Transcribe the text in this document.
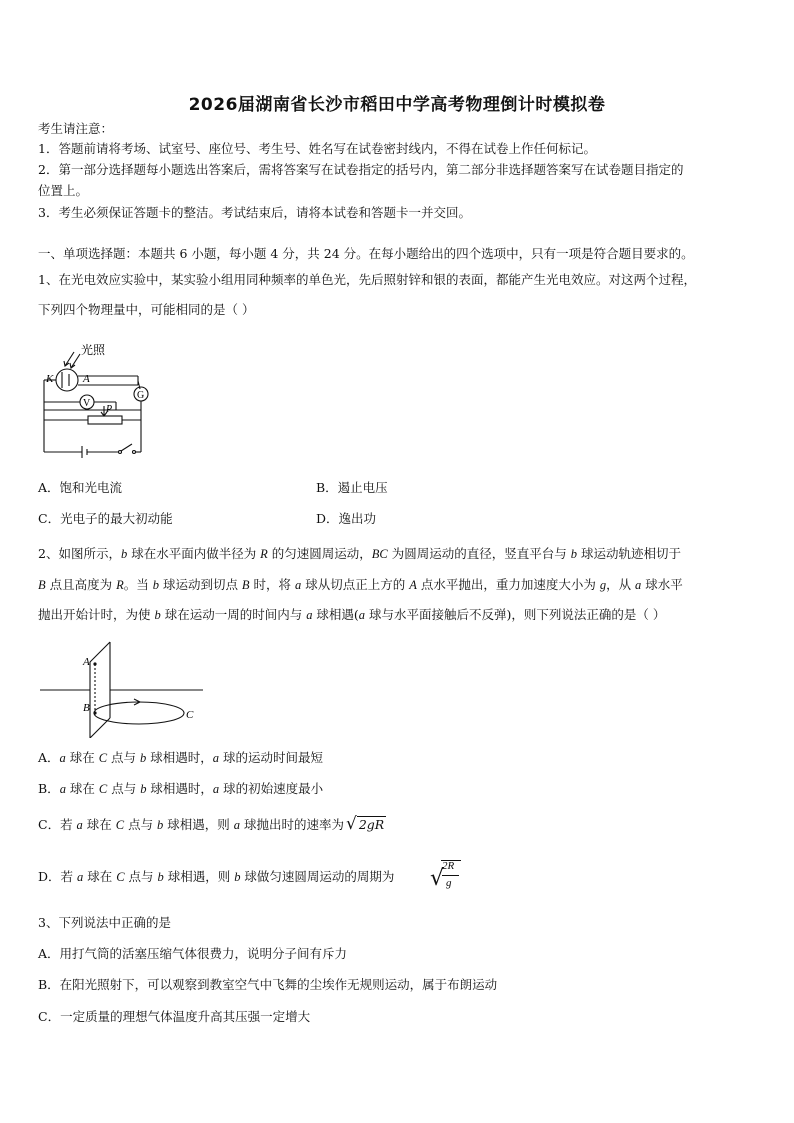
2026届湖南省长沙市稻田中学高考物理倒计时模拟卷
考生请注意：
1．答题前请将考场、试室号、座位号、考生号、姓名写在试卷密封线内，不得在试卷上作任何标记。
2．第一部分选择题每小题选出答案后，需将答案写在试卷指定的括号内，第二部分非选择题答案写在试卷题目指定的
位置上。
3．考生必须保证答题卡的整洁。考试结束后，请将本试卷和答题卡一并交回。
一、单项选择题：本题共 6 小题，每小题 4 分，共 24 分。在每小题给出的四个选项中，只有一项是符合题目要求的。
1、在光电效应实验中，某实验小组用同种频率的单色光，先后照射锌和银的表面，都能产生光电效应。对这两个过程，
下列四个物理量中，可能相同的是（ ）
光照
K	A
V
G
P
A．饱和光电流	B．遏止电压
C．光电子的最大初动能	D．逸出功
2、如图所示，b 球在水平面内做半径为 R 的匀速圆周运动，BC 为圆周运动的直径，竖直平台与 b 球运动轨迹相切于
B 点且高度为 R。当 b 球运动到切点 B 时，将 a 球从切点正上方的 A 点水平抛出，重力加速度大小为 g，从 a 球水平
抛出开始计时，为使 b 球在运动一周的时间内与 a 球相遇(a 球与水平面接触后不反弹)，则下列说法正确的是（ ）
A
B
C
A．a 球在 C 点与 b 球相遇时，a 球的运动时间最短
B．a 球在 C 点与 b 球相遇时，a 球的初始速度最小
C．若 a 球在 C 点与 b 球相遇，则 a 球抛出时的速率为 √ 2gR
D．若 a 球在 C 点与 b 球相遇，则 b 球做匀速圆周运动的周期为 √
2R
g
3、下列说法中正确的是
A．用打气筒的活塞压缩气体很费力，说明分子间有斥力
B．在阳光照射下，可以观察到教室空气中飞舞的尘埃作无规则运动，属于布朗运动
C．一定质量的理想气体温度升高其压强一定增大
